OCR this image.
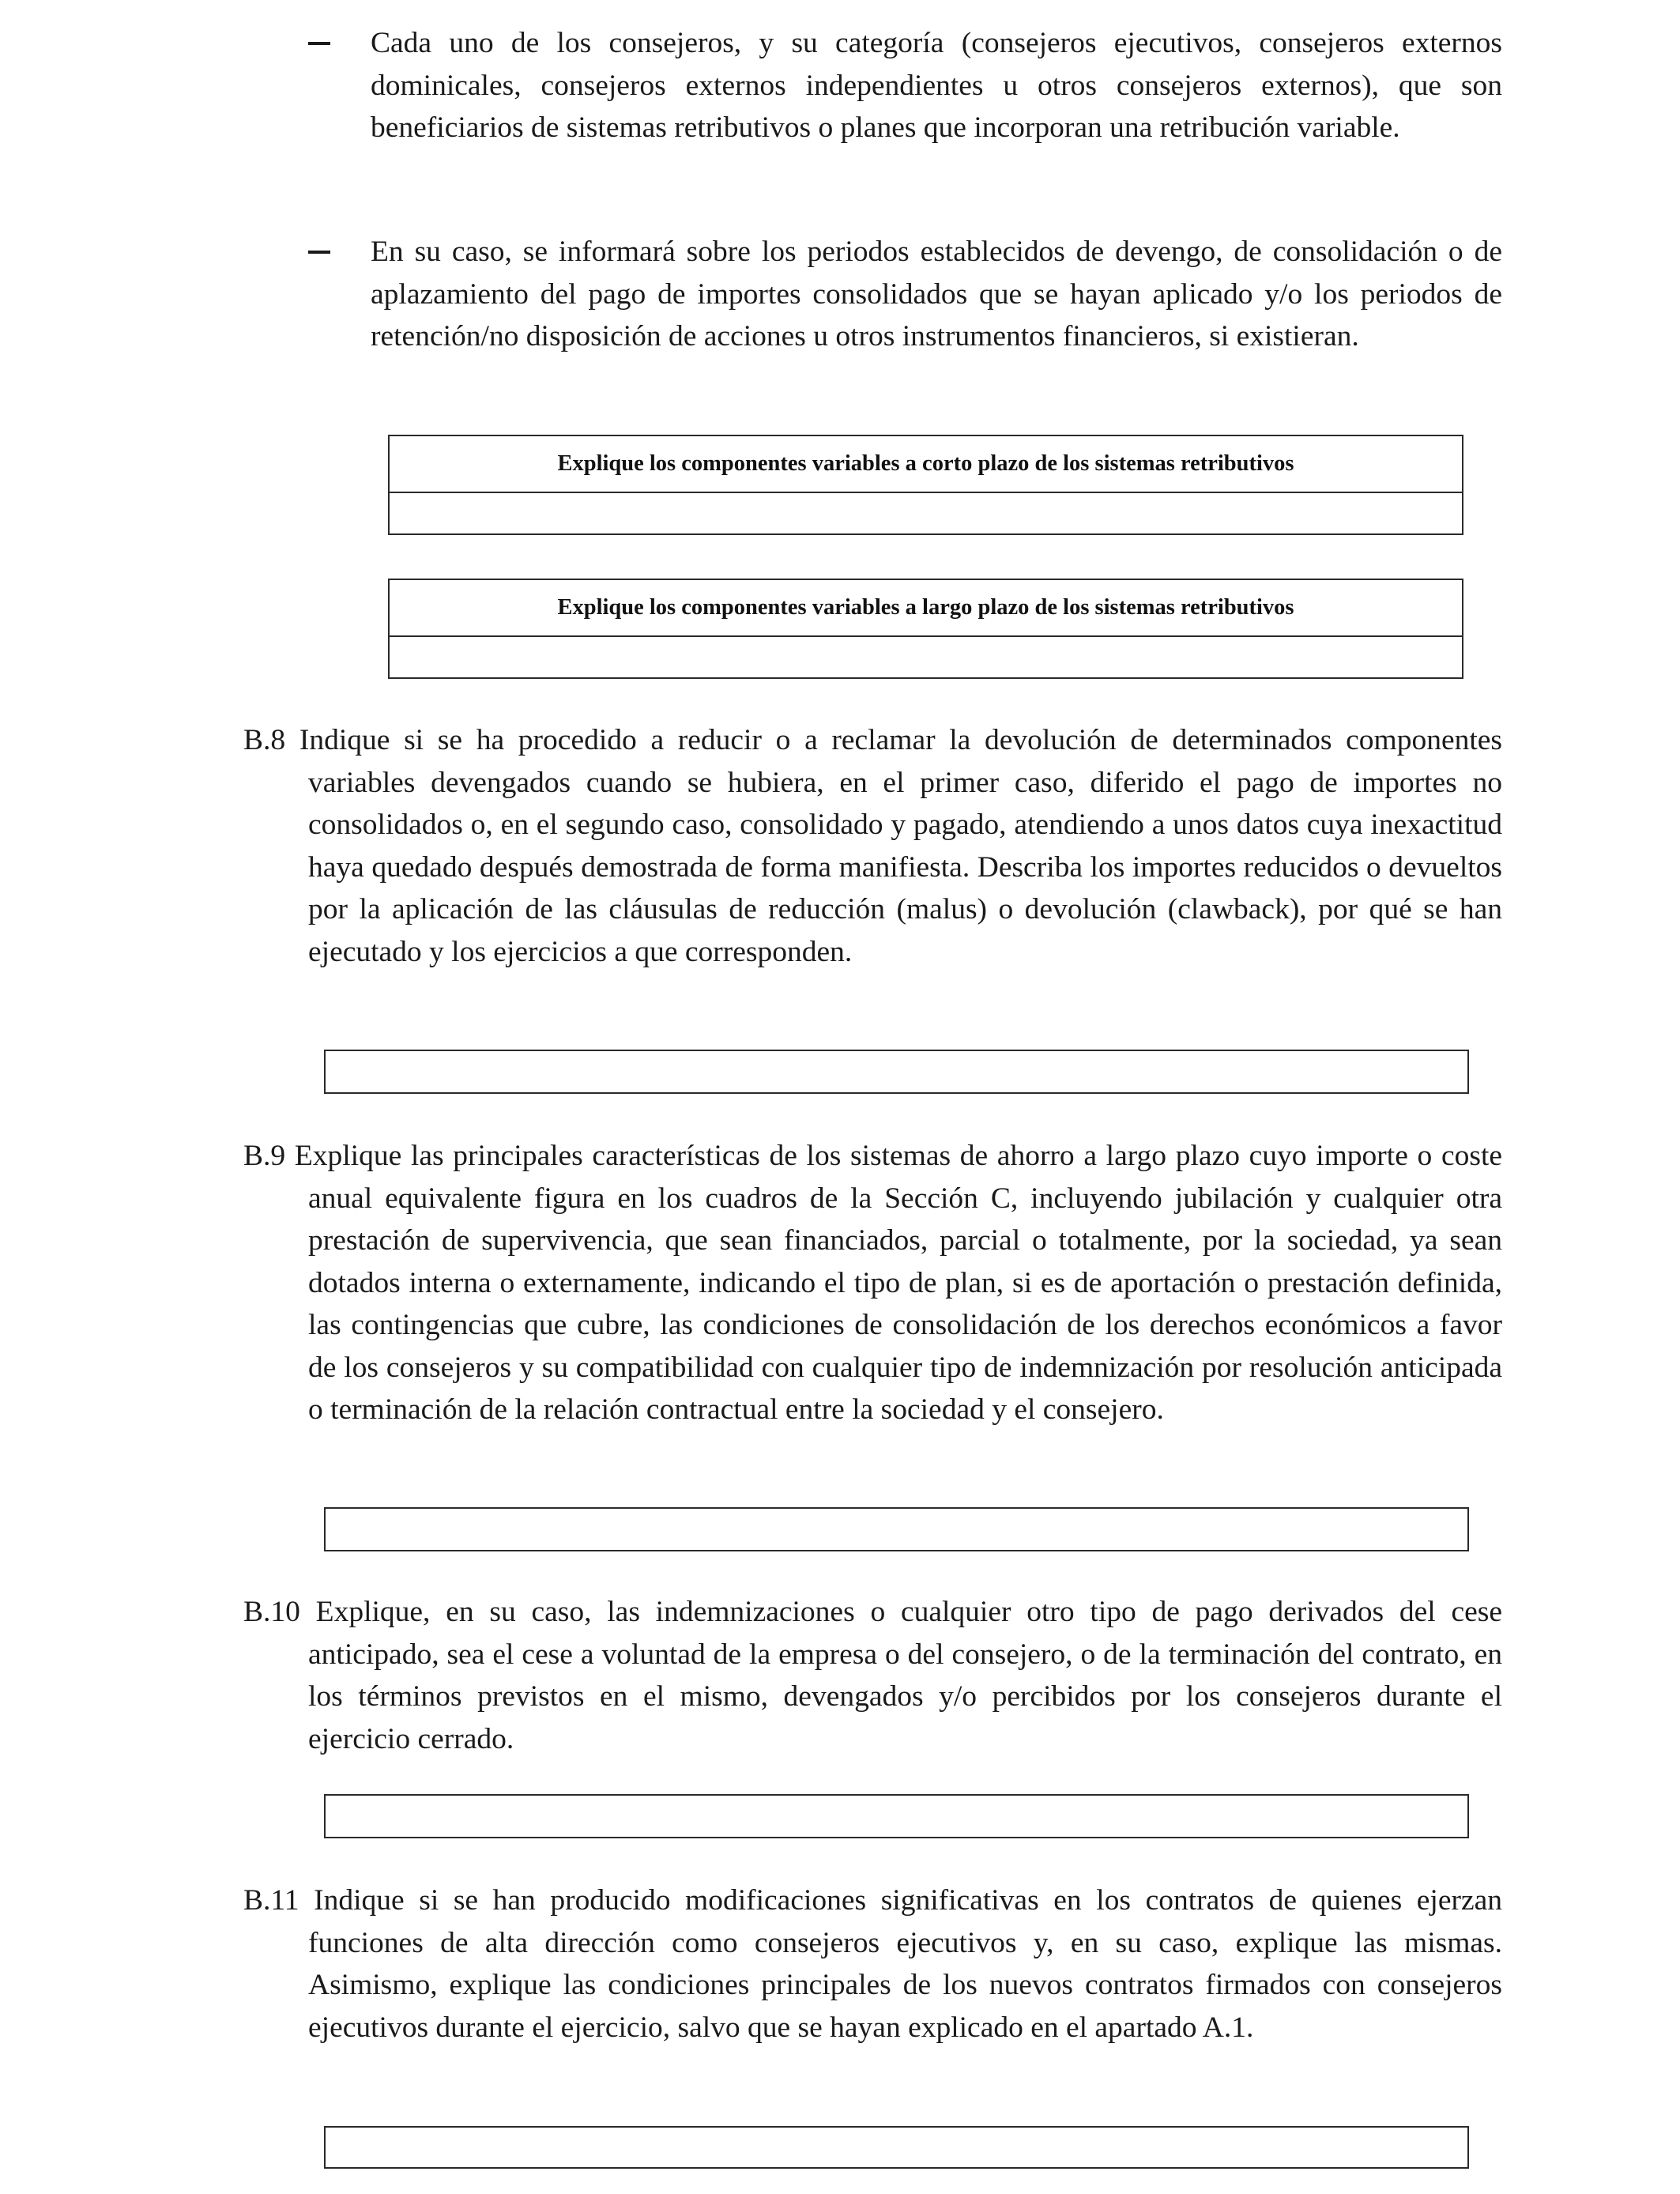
Cada uno de los consejeros, y su categoría (consejeros ejecutivos, consejeros externos dominicales, consejeros externos independientes u otros consejeros externos), que son beneficiarios de sistemas retributivos o planes que incorporan una retribución variable.

En su caso, se informará sobre los periodos establecidos de devengo, de consolidación o de aplazamiento del pago de importes consolidados que se hayan aplicado y/o los periodos de retención/no disposición de acciones u otros instrumentos financieros, si existieran.

Explique los componentes variables a corto plazo de los sistemas retributivos
Explique los componentes variables a largo plazo de los sistemas retributivos

B.8 Indique si se ha procedido a reducir o a reclamar la devolución de determinados componentes variables devengados cuando se hubiera, en el primer caso, diferido el pago de importes no consolidados o, en el segundo caso, consolidado y pagado, atendiendo a unos datos cuya inexactitud haya quedado después demostrada de forma manifiesta. Describa los importes reducidos o devueltos por la aplicación de las cláusulas de reducción (malus) o devolución (clawback), por qué se han ejecutado y los ejercicios a que corresponden.

B.9 Explique las principales características de los sistemas de ahorro a largo plazo cuyo importe o coste anual equivalente figura en los cuadros de la Sección C, incluyendo jubilación y cualquier otra prestación de supervivencia, que sean financiados, parcial o totalmente, por la sociedad, ya sean dotados interna o externamente, indicando el tipo de plan, si es de aportación o prestación definida, las contingencias que cubre, las condiciones de consolidación de los derechos económicos a favor de los consejeros y su compatibilidad con cualquier tipo de indemnización por resolución anticipada o terminación de la relación contractual entre la sociedad y el consejero.

B.10 Explique, en su caso, las indemnizaciones o cualquier otro tipo de pago derivados del cese anticipado, sea el cese a voluntad de la empresa o del consejero, o de la terminación del contrato, en los términos previstos en el mismo, devengados y/o percibidos por los consejeros durante el ejercicio cerrado.

B.11 Indique si se han producido modificaciones significativas en los contratos de quienes ejerzan funciones de alta dirección como consejeros ejecutivos y, en su caso, explique las mismas. Asimismo, explique las condiciones principales de los nuevos contratos firmados con consejeros ejecutivos durante el ejercicio, salvo que se hayan explicado en el apartado A.1.
